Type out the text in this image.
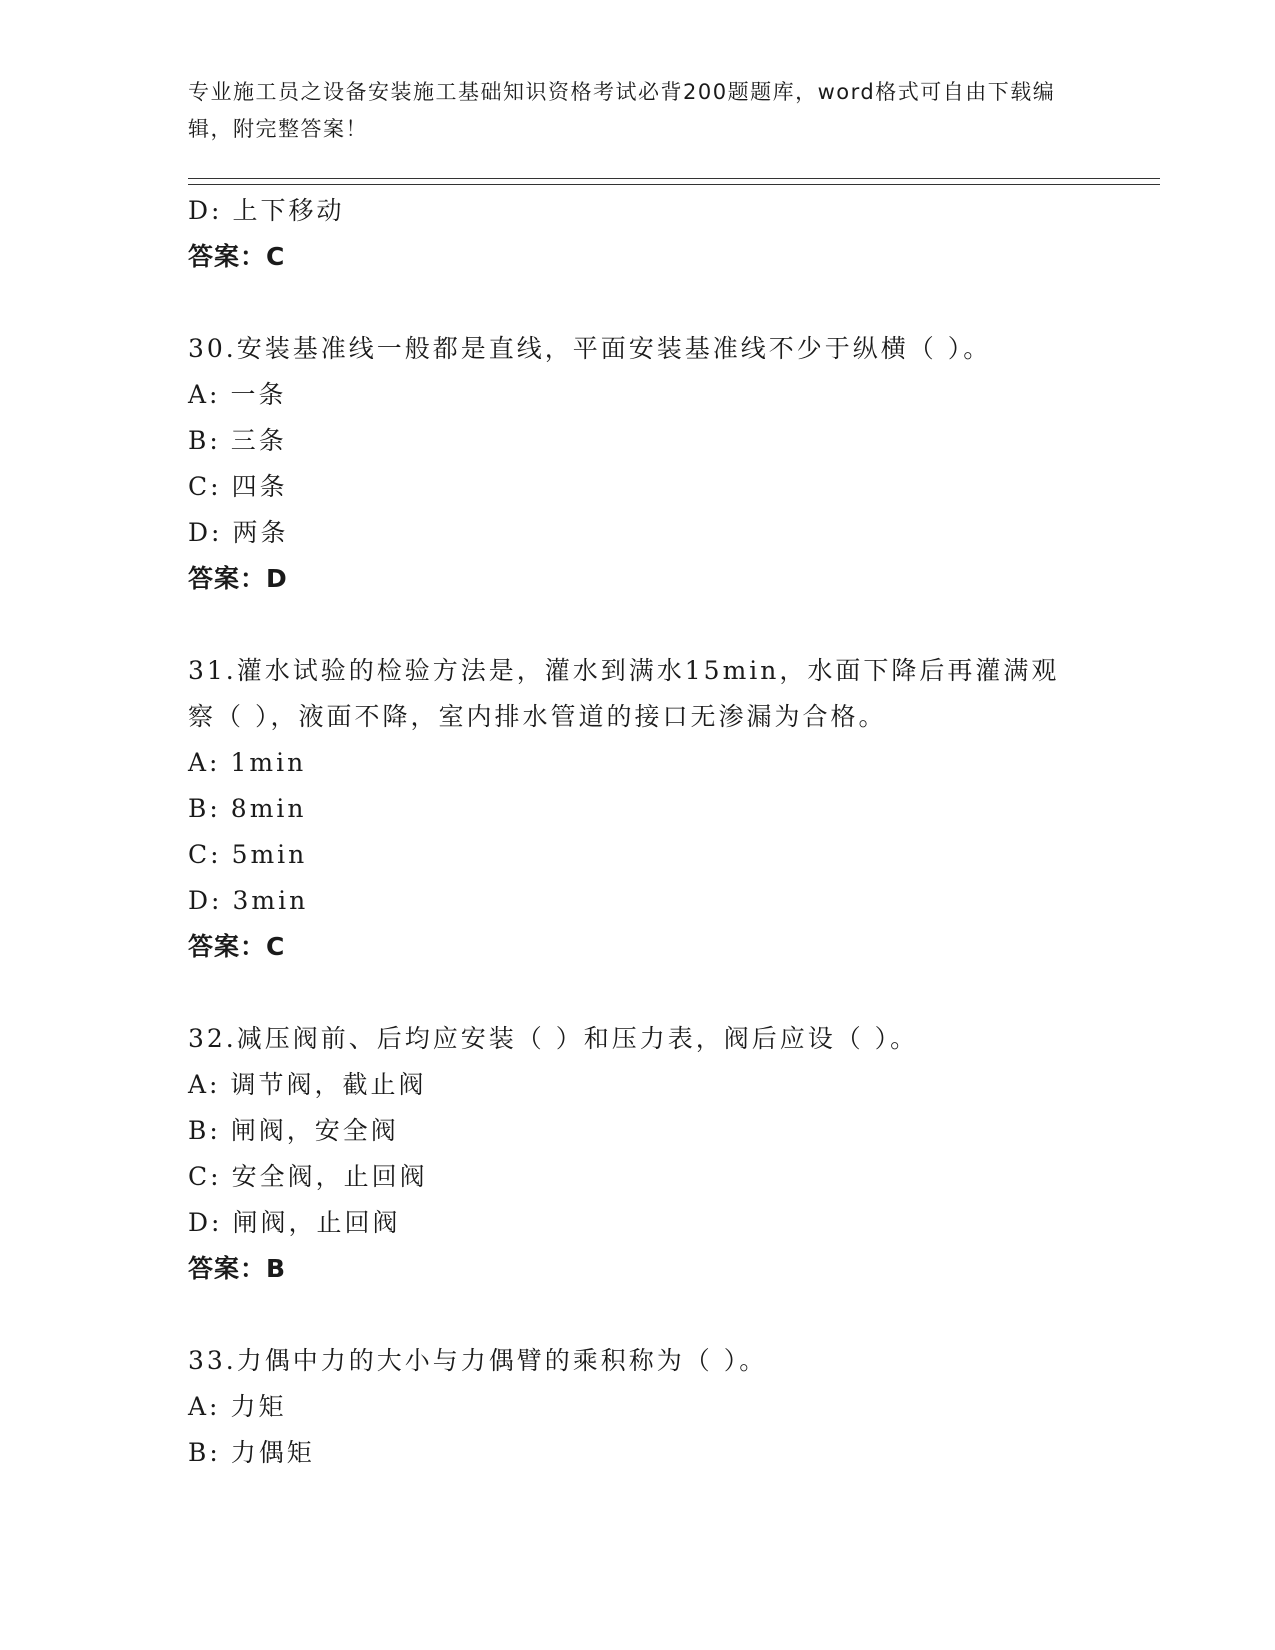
专业施工员之设备安装施工基础知识资格考试必背200题题库，word格式可自由下载编辑，附完整答案！
D: 上下移动
答案：C
30.安装基准线一般都是直线，平面安装基准线不少于纵横（ ）。
A: 一条
B: 三条
C: 四条
D: 两条
答案：D
31.灌水试验的检验方法是，灌水到满水15min，水面下降后再灌满观察（ ），液面不降，室内排水管道的接口无渗漏为合格。
A: 1min
B: 8min
C: 5min
D: 3min
答案：C
32.减压阀前、后均应安装（ ）和压力表，阀后应设（ ）。
A: 调节阀，截止阀
B: 闸阀，安全阀
C: 安全阀，止回阀
D: 闸阀，止回阀
答案：B
33.力偶中力的大小与力偶臂的乘积称为（ ）。
A: 力矩
B: 力偶矩
